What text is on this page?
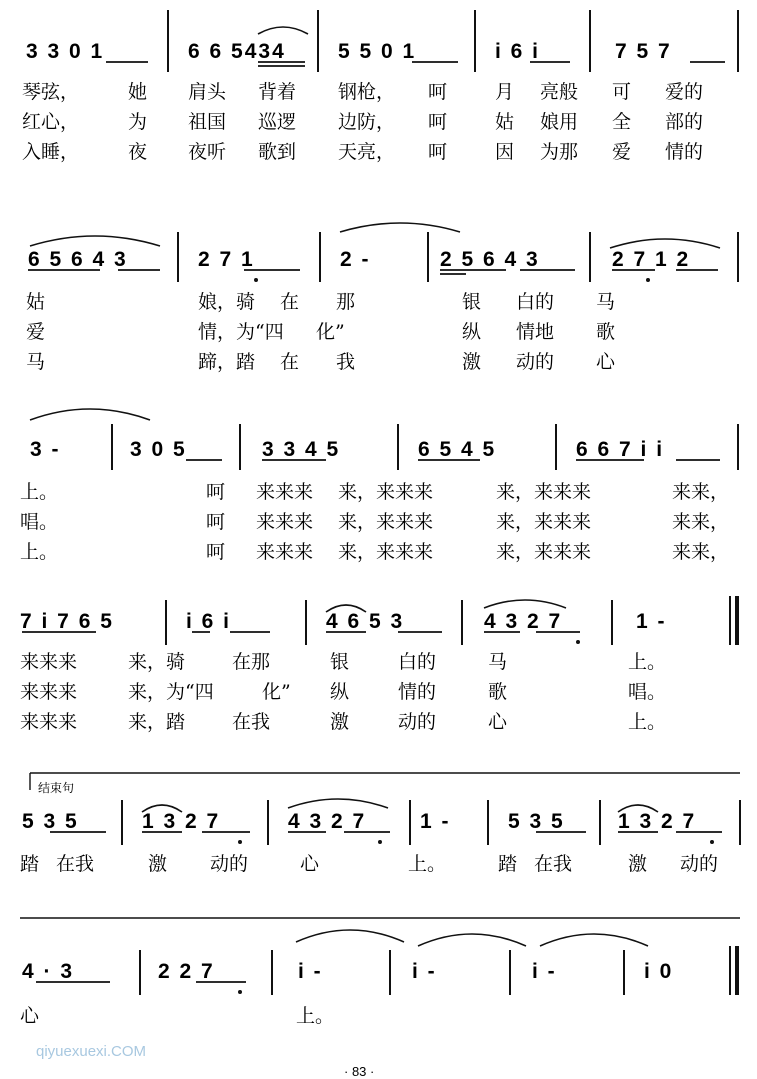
3 3 0 1	6 6 5434 5 5 0 1	i 6 i	7 5 7
琴弦，	她 肩头 背着 钢枪， 呵	月 亮般 可 爱的
红心，	为 祖国 巡逻 边防， 呵	姑 娘用 全 部的
入睡，	夜 夜听 歌到 天亮， 呵	因 为那 爱 情的
6 5 6 4 3	2 7 1	2 -	2 5 6 4 3	2 7 1 2
姑	娘，骑 在 那	银 白的 马
爱	情，为“四 化”	纵 情地 歌
马	蹄，踏 在 我	激 动的 心
3 -	3 0 5	3 3 4 5	6 5 4 5	6 6 7 i i
上。	呵 来来来 来，来来来	来，来来来	来来，
唱。	呵 来来来 来，来来来	来，来来来	来来，
上。	呵 来来来 来，来来来	来，来来来	来来，
7 i 7 6 5	i 6 i	4 6 5 3	4 3 2 7	1 -
来来来	来，骑 在那	银	白的	马	上。
来来来	来，为“四	化” 纵	情的	歌	唱。
来来来	来，踏 在我	激	动的	心	上。
结束句
5 3 5	1 3 2 7	4 3 2 7	1 -	5 3 5	1 3 2 7
踏 在我	激 动的	心	上。	踏 在我	激 动的
4 · 3	2 2 7	i -	i -	i -	i 0
心	上。
qiyuexuexi.COM
· 83 ·
